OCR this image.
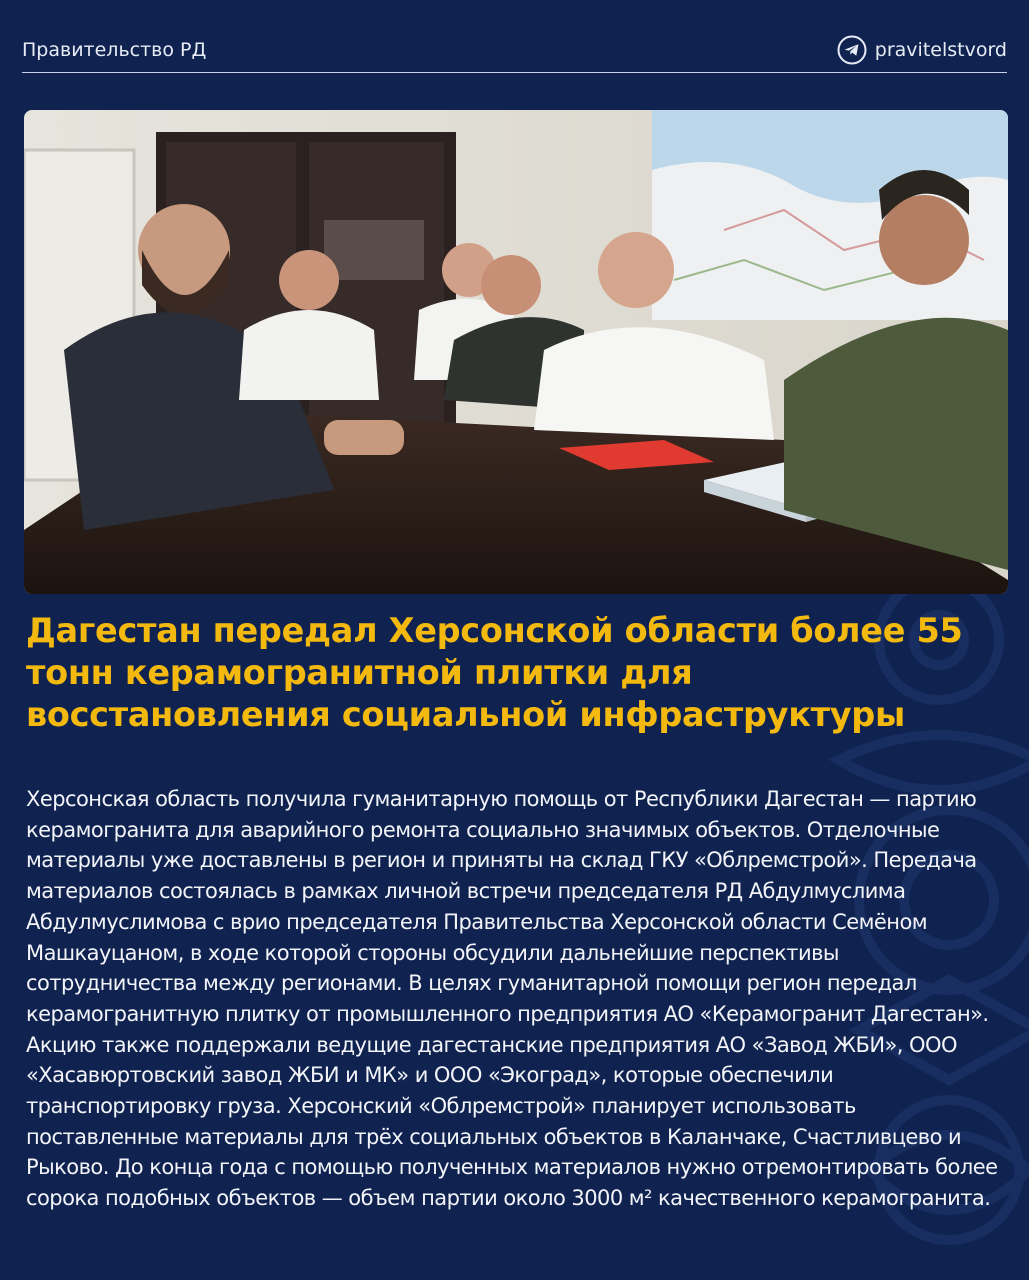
Правительство РД	pravitelstvord
Дагестан передал Херсонской области более 55 тонн керамогранитной плитки для восстановления социальной инфраструктуры

Херсонская область получила гуманитарную помощь от Республики Дагестан — партию керамогранита для аварийного ремонта социально значимых объектов. Отделочные материалы уже доставлены в регион и приняты на склад ГКУ «Облремстрой». Передача материалов состоялась в рамках личной встречи председателя РД Абдулмуслима Абдулмуслимова с врио председателя Правительства Херсонской области Семёном Машкауцаном, в ходе которой стороны обсудили дальнейшие перспективы сотрудничества между регионами. В целях гуманитарной помощи регион передал керамогранитную плитку от промышленного предприятия АО «Керамогранит Дагестан». Акцию также поддержали ведущие дагестанские предприятия АО «Завод ЖБИ», ООО «Хасавюртовский завод ЖБИ и МК» и ООО «Экоград», которые обеспечили транспортировку груза. Херсонский «Облремстрой» планирует использовать поставленные материалы для трёх социальных объектов в Каланчаке, Счастливцево и Рыково. До конца года с помощью полученных материалов нужно отремонтировать более сорока подобных объектов — объем партии около 3000 м² качественного керамогранита.
